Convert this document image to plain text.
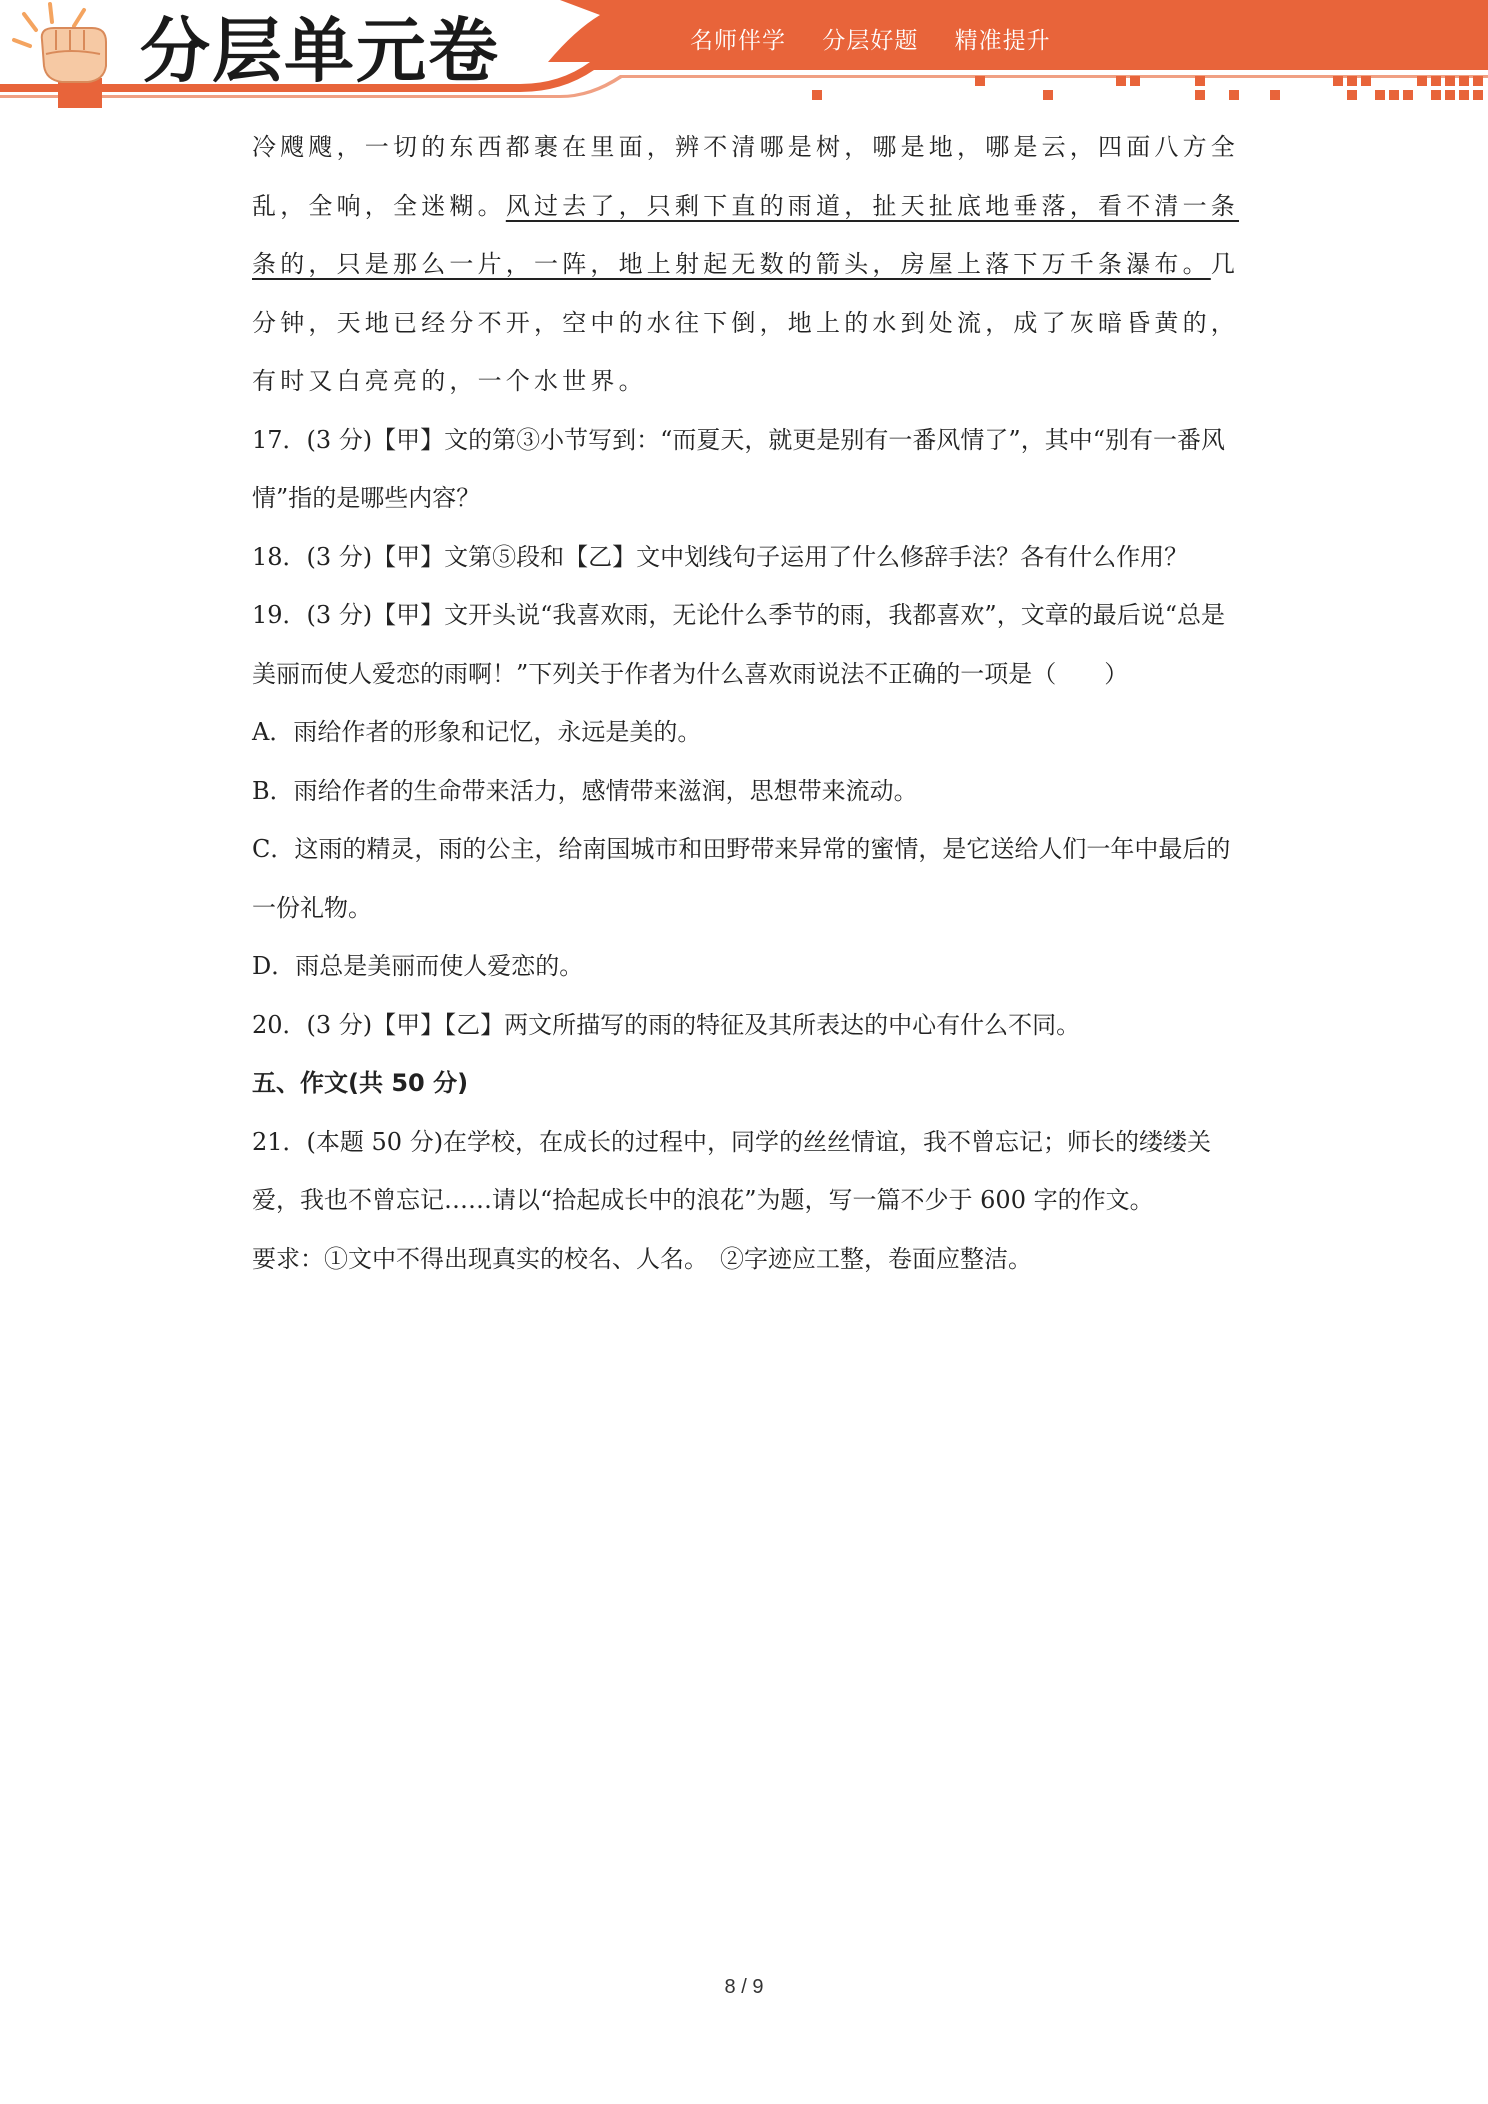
分层单元卷	名师伴学 分层好题 精准提升

冷飕飕，一切的东西都裹在里面，辨不清哪是树，哪是地，哪是云，四面八方全乱，全响，全迷糊。风过去了，只剩下直的雨道，扯天扯底地垂落，看不清一条条的，只是那么一片，一阵，地上射起无数的箭头，房屋上落下万千条瀑布。几分钟，天地已经分不开，空中的水往下倒，地上的水到处流，成了灰暗昏黄的，有时又白亮亮的，一个水世界。

17．(3 分)【甲】文的第③小节写到：“而夏天，就更是别有一番风情了”，其中“别有一番风情”指的是哪些内容？

18．(3 分)【甲】文第⑤段和【乙】文中划线句子运用了什么修辞手法？各有什么作用？

19．(3 分)【甲】文开头说“我喜欢雨，无论什么季节的雨，我都喜欢”，文章的最后说“总是美丽而使人爱恋的雨啊！”下列关于作者为什么喜欢雨说法不正确的一项是（　　）

A．雨给作者的形象和记忆，永远是美的。

B．雨给作者的生命带来活力，感情带来滋润，思想带来流动。

C．这雨的精灵，雨的公主，给南国城市和田野带来异常的蜜情，是它送给人们一年中最后的一份礼物。

D．雨总是美丽而使人爱恋的。

20．(3 分)【甲】【乙】两文所描写的雨的特征及其所表达的中心有什么不同。

五、作文(共 50 分)

21．(本题 50 分)在学校，在成长的过程中，同学的丝丝情谊，我不曾忘记；师长的缕缕关爱，我也不曾忘记……请以“拾起成长中的浪花”为题，写一篇不少于 600 字的作文。

要求：①文中不得出现真实的校名、人名。　②字迹应工整，卷面应整洁。

8 / 9
